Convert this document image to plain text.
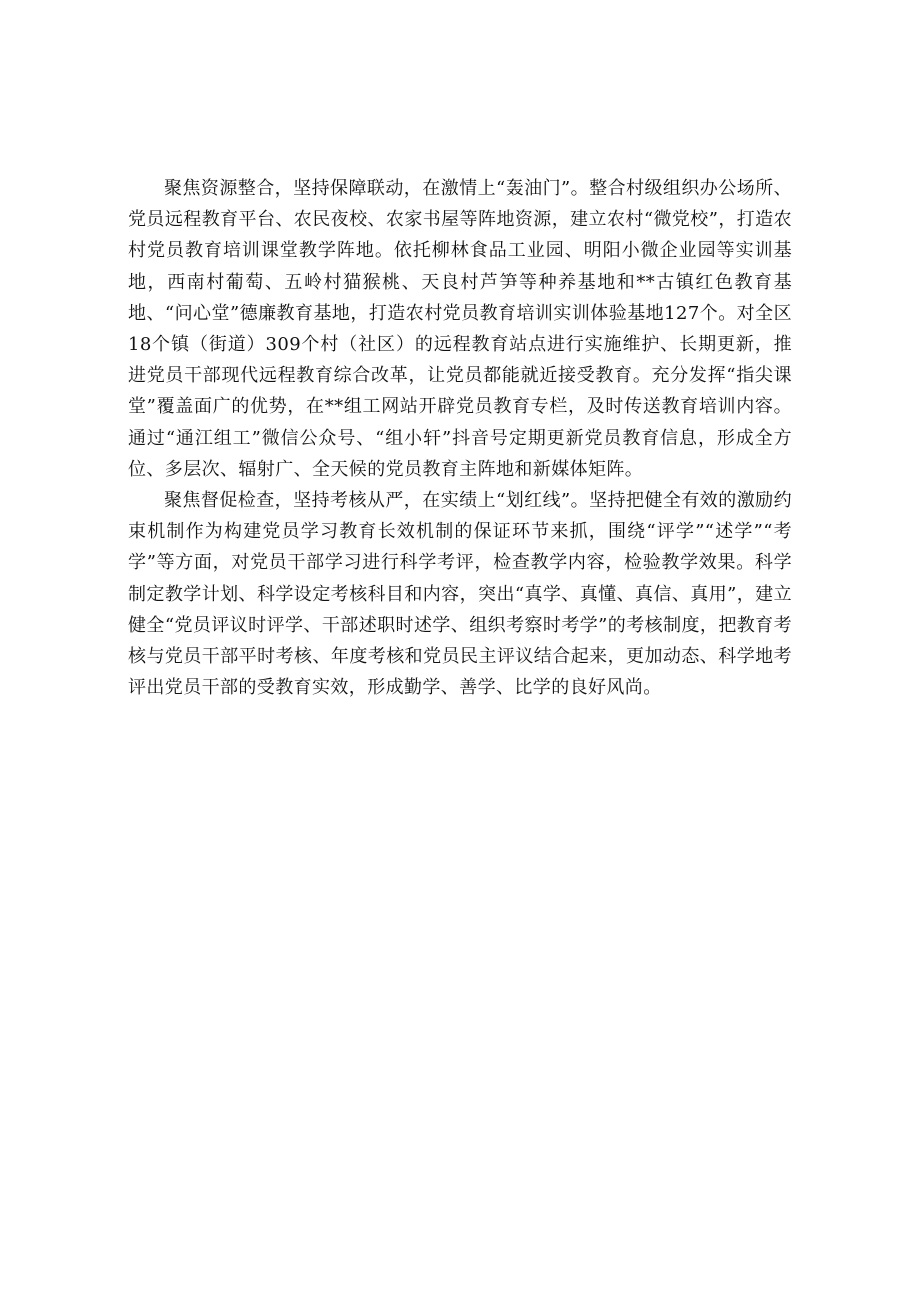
聚焦资源整合，坚持保障联动，在激情上“轰油门”。整合村级组织办公场所、党员远程教育平台、农民夜校、农家书屋等阵地资源，建立农村“微党校”，打造农村党员教育培训课堂教学阵地。依托柳林食品工业园、明阳小微企业园等实训基地，西南村葡萄、五岭村猫猴桃、天良村芦笋等种养基地和**古镇红色教育基地、“问心堂”德廉教育基地，打造农村党员教育培训实训体验基地127个。对全区18个镇（街道）309个村（社区）的远程教育站点进行实施维护、长期更新，推进党员干部现代远程教育综合改革，让党员都能就近接受教育。充分发挥“指尖课堂”覆盖面广的优势，在**组工网站开辟党员教育专栏，及时传送教育培训内容。通过“通江组工”微信公众号、“组小轩”抖音号定期更新党员教育信息，形成全方位、多层次、辐射广、全天候的党员教育主阵地和新媒体矩阵。

聚焦督促检查，坚持考核从严，在实绩上“划红线”。坚持把健全有效的激励约束机制作为构建党员学习教育长效机制的保证环节来抓，围绕“评学”“述学”“考学”等方面，对党员干部学习进行科学考评，检查教学内容，检验教学效果。科学制定教学计划、科学设定考核科目和内容，突出“真学、真懂、真信、真用”，建立健全“党员评议时评学、干部述职时述学、组织考察时考学”的考核制度，把教育考核与党员干部平时考核、年度考核和党员民主评议结合起来，更加动态、科学地考评出党员干部的受教育实效，形成勤学、善学、比学的良好风尚。
